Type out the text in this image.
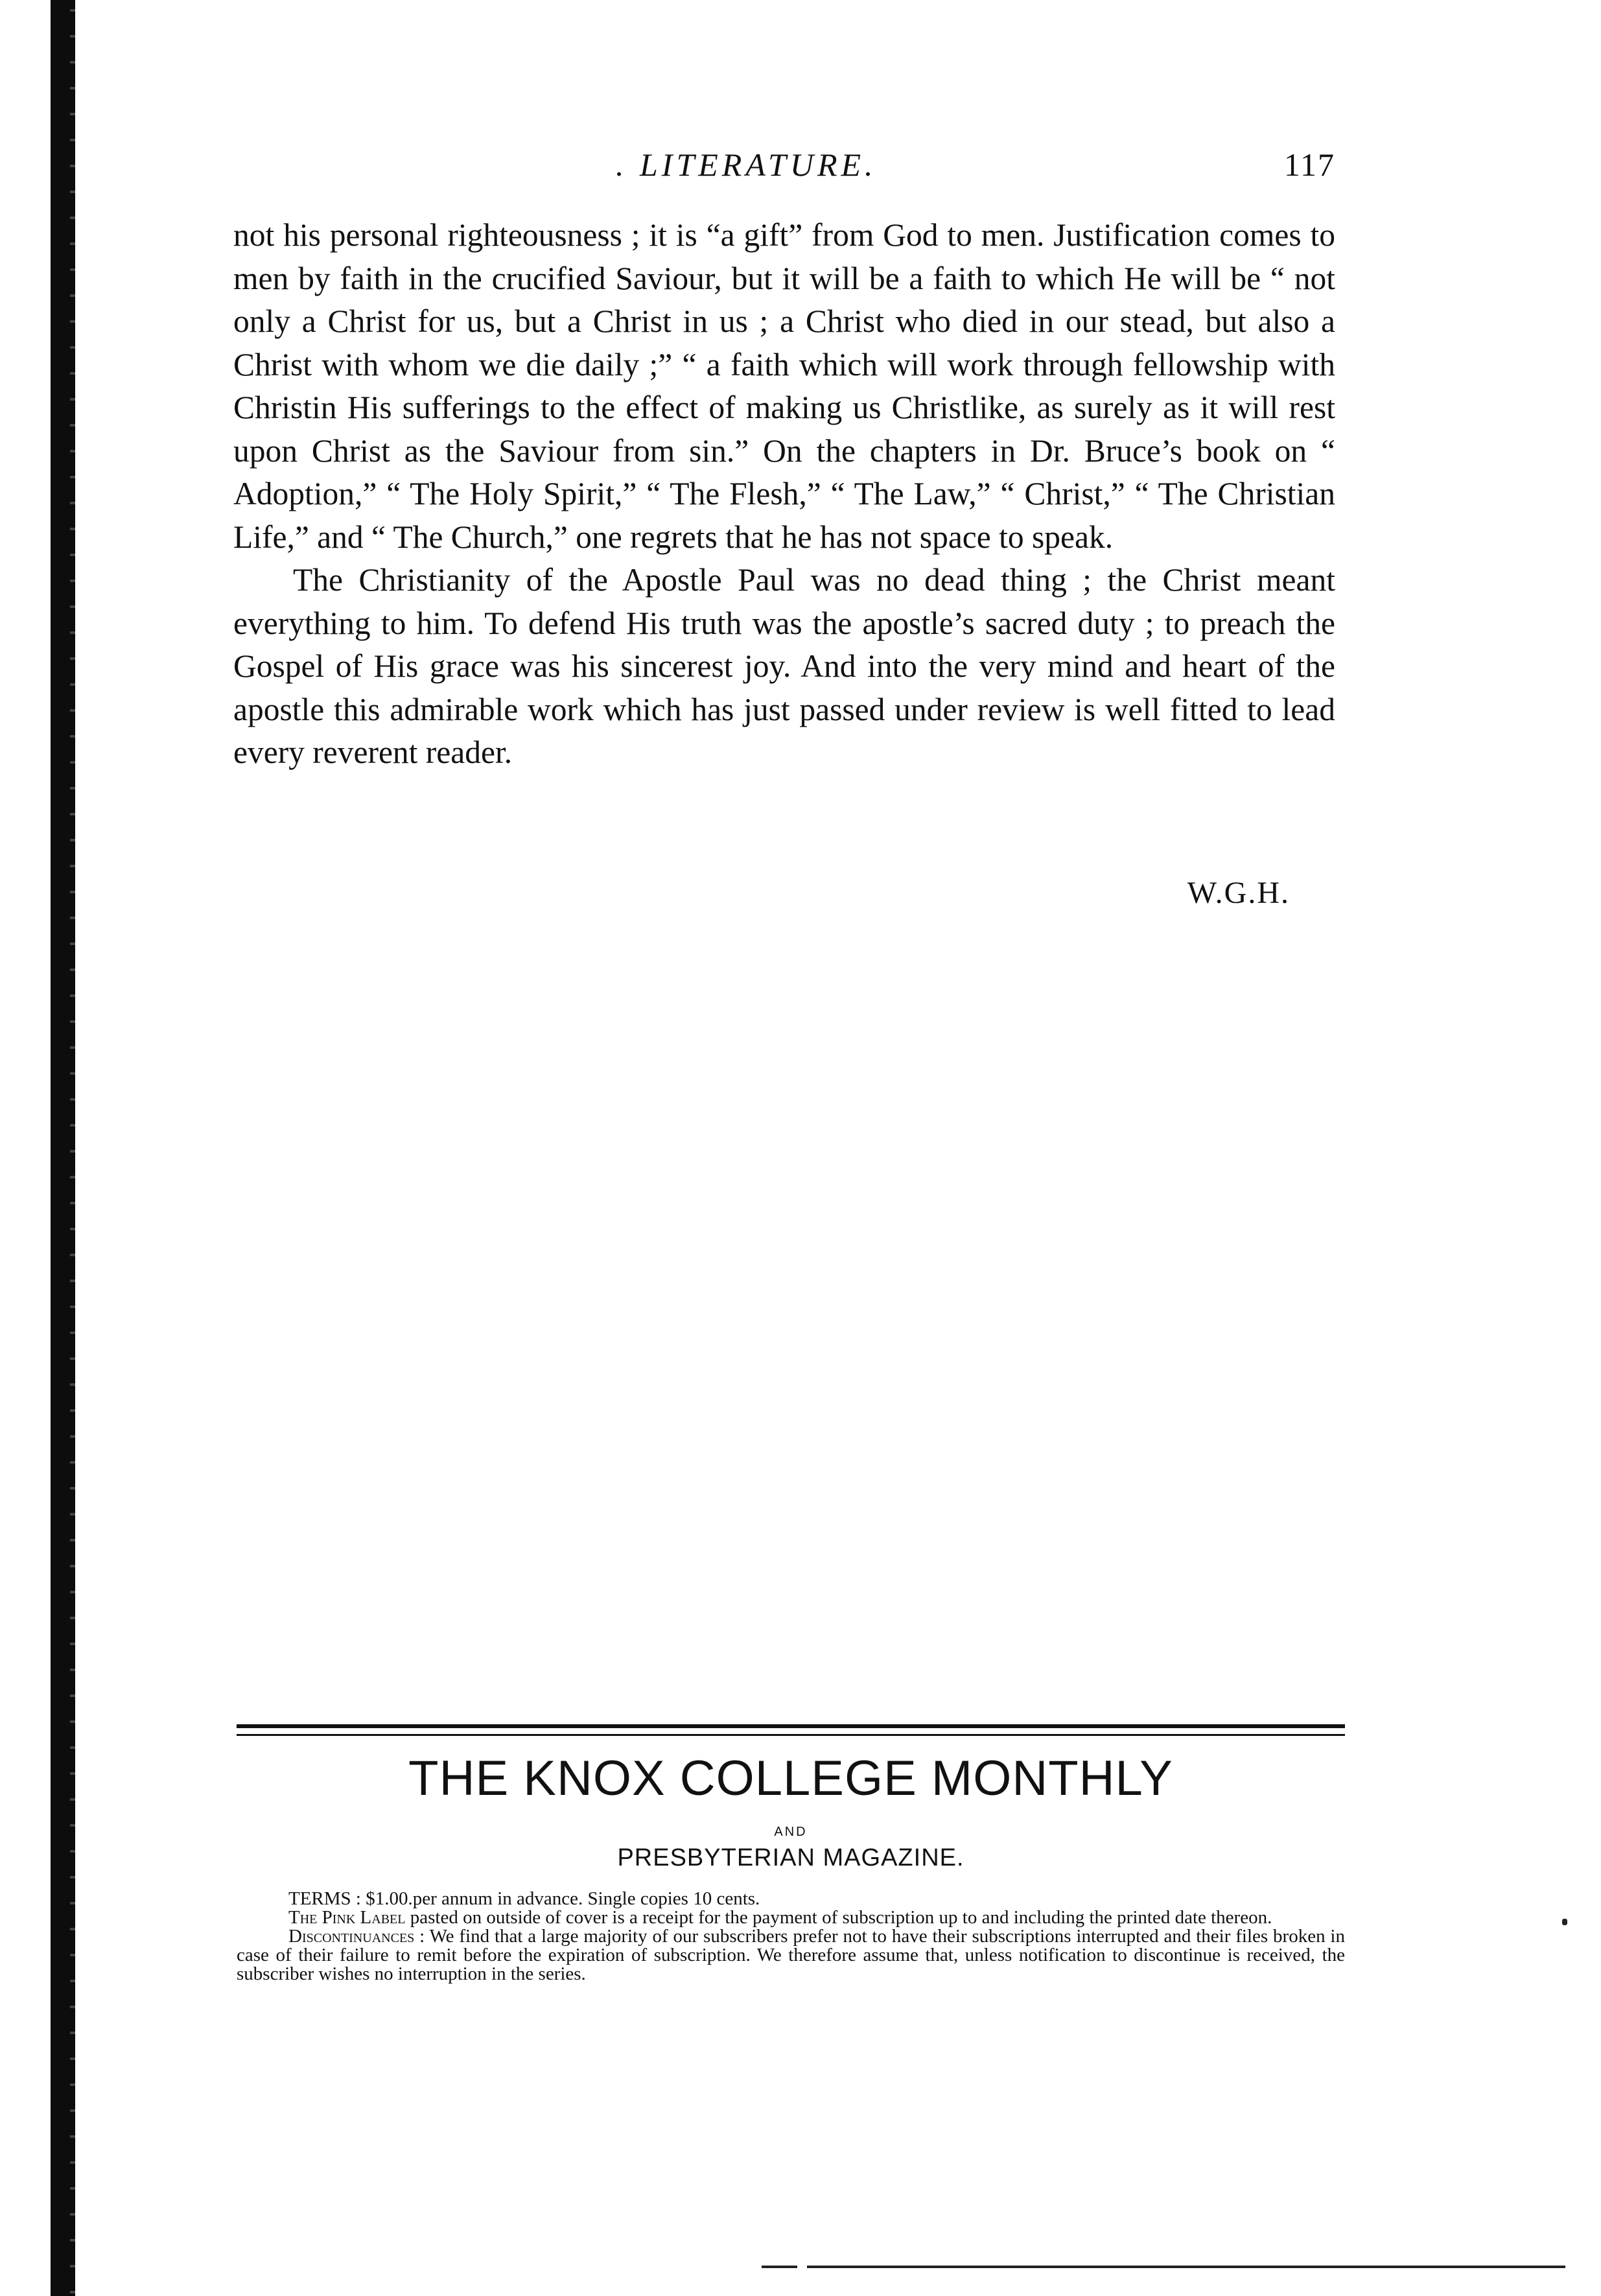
. LITERATURE.	117

not his personal righteousness ; it is “a gift” from God to men. Justification comes to men by faith in the crucified Saviour, but it will be a faith to which He will be “ not only a Christ for us, but a Christ in us ; a Christ who died in our stead, but also a Christ with whom we die daily ;” “ a faith which will work through fellowship with Christin His sufferings to the effect of making us Christlike, as surely as it will rest upon Christ as the Saviour from sin.” On the chapters in Dr. Bruce’s book on “ Adoption,” “ The Holy Spirit,” “ The Flesh,” “ The Law,” “ Christ,” “ The Christian Life,” and “ The Church,” one regrets that he has not space to speak.

The Christianity of the Apostle Paul was no dead thing ; the Christ meant everything to him. To defend His truth was the apostle’s sacred duty ; to preach the Gospel of His grace was his sincerest joy. And into the very mind and heart of the apostle this admirable work which has just passed under review is well fitted to lead every reverent reader.

W.G.H.
THE KNOX COLLEGE MONTHLY
AND
PRESBYTERIAN MAGAZINE.

TERMS : $1.00.per annum in advance. Single copies 10 cents.

The Pink Label pasted on outside of cover is a receipt for the payment of subscription up to and including the printed date thereon.

Discontinuances : We find that a large majority of our subscribers prefer not to have their subscriptions interrupted and their files broken in case of their failure to remit before the expiration of subscription. We therefore assume that, unless notification to discontinue is received, the subscriber wishes no interruption in the series.
